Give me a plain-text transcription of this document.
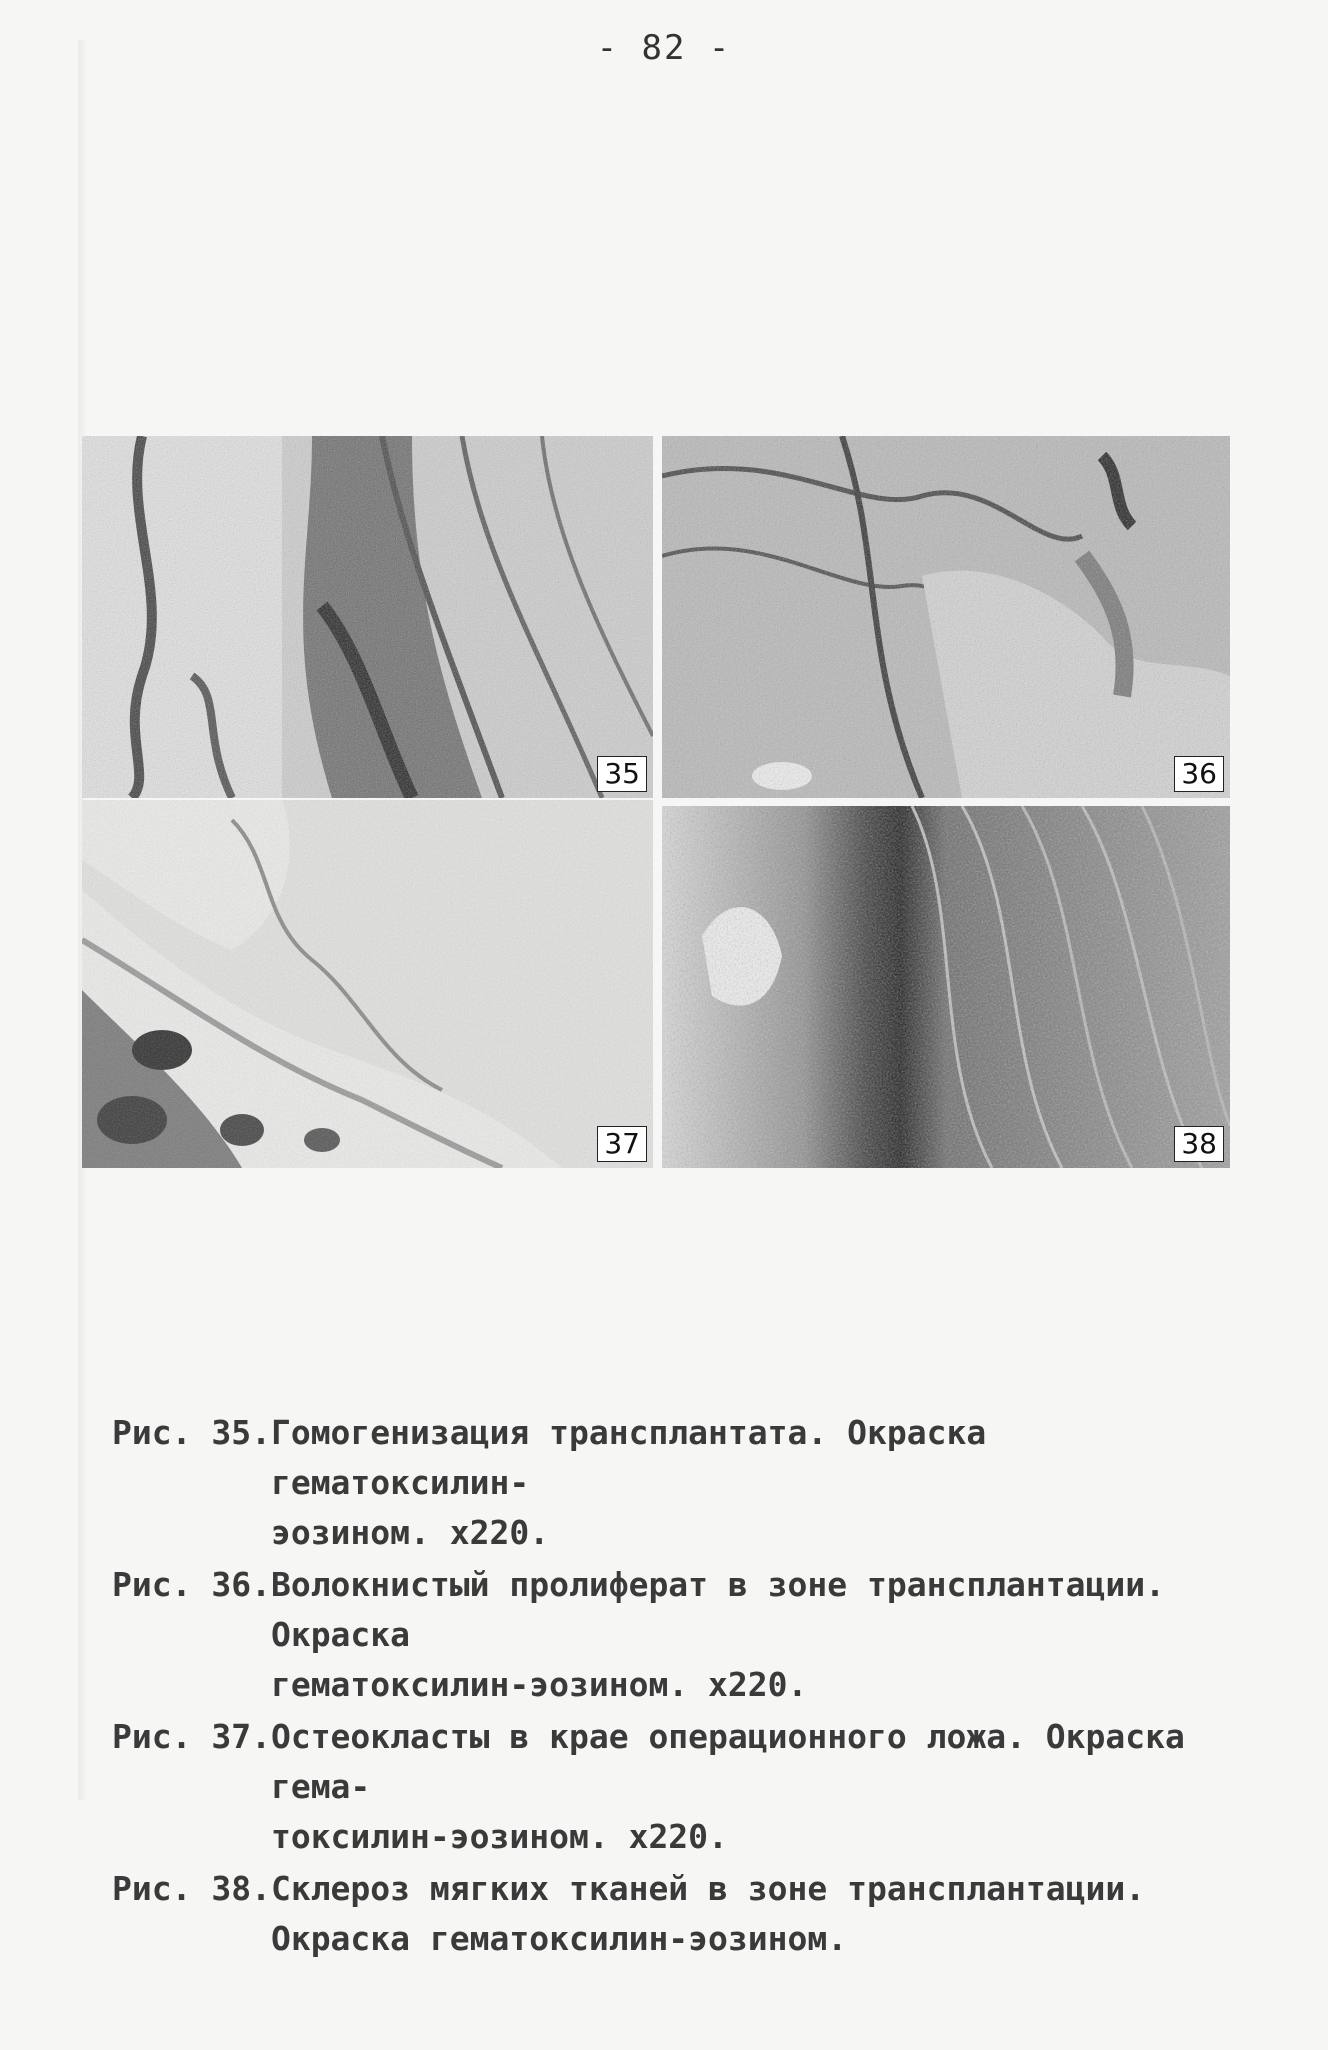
- 82 -
35	36
37	38
Рис. 35. Гомогенизация трансплантата. Окраска гематоксилин-
эозином. х220.
Рис. 36. Волокнистый пролиферат в зоне трансплантации. Окраска
гематоксилин-эозином. х220.
Рис. 37. Остеокласты в крае операционного ложа. Окраска гема-
токсилин-эозином. х220.
Рис. 38. Склероз мягких тканей в зоне трансплантации.
Окраска гематоксилин-эозином.
